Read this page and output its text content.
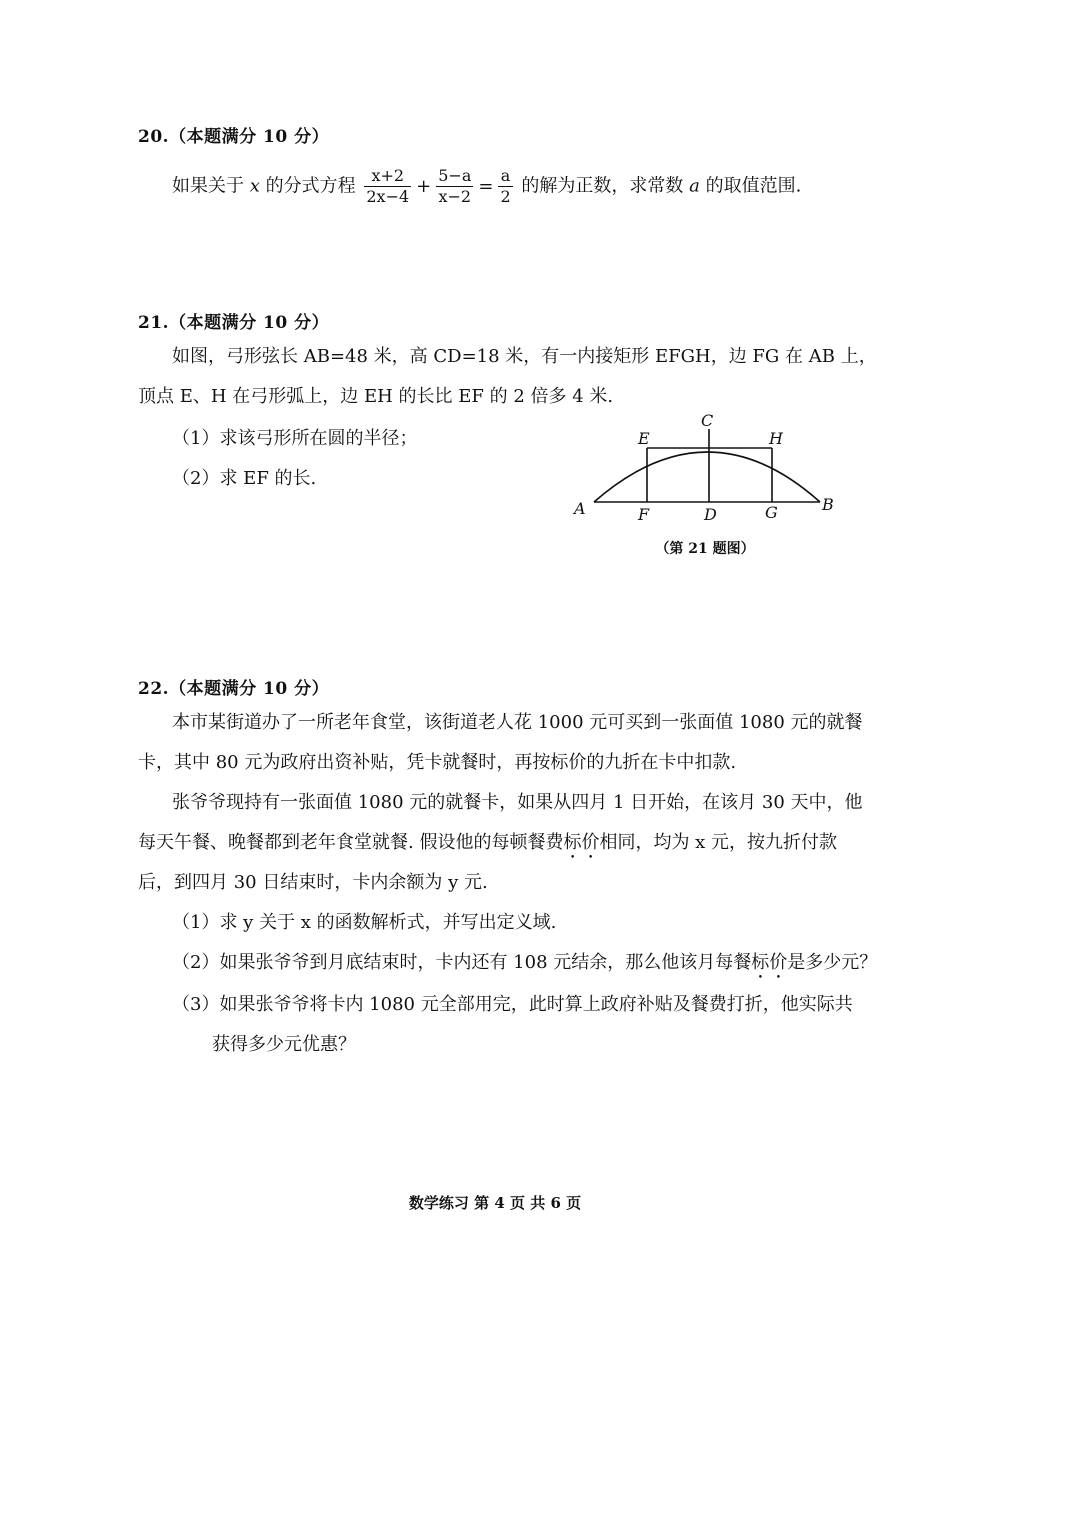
20.（本题满分 10 分）
如果关于 x 的分式方程 $\frac{x+2}{2x-4} + \frac{5-a}{x-2} = \frac{a}{2}$ 的解为正数，求常数 a 的取值范围.
21.（本题满分 10 分）
如图，弓形弦长 AB=48 米，高 CD=18 米，有一内接矩形 EFGH，边 FG 在 AB 上，
顶点 E、H 在弓形弧上，边 EH 的长比 EF 的 2 倍多 4 米.
（1）求该弓形所在圆的半径；
（2）求 EF 的长.
A	B
C
D
E
F	G
H
（第 21 题图）
22.（本题满分 10 分）
本市某街道办了一所老年食堂，该街道老人花 1000 元可买到一张面值 1080 元的就餐
卡，其中 80 元为政府出资补贴，凭卡就餐时，再按标价的九折在卡中扣款.
张爷爷现持有一张面值 1080 元的就餐卡，如果从四月 1 日开始，在该月 30 天中，他
每天午餐、晚餐都到老年食堂就餐. 假设他的每顿餐费标价相同，均为 x 元，按九折付款
后，到四月 30 日结束时，卡内余额为 y 元.
（1）求 y 关于 x 的函数解析式，并写出定义域.
（2）如果张爷爷到月底结束时，卡内还有 108 元结余，那么他该月每餐标价是多少元？
（3）如果张爷爷将卡内 1080 元全部用完，此时算上政府补贴及餐费打折，他实际共
获得多少元优惠？
数学练习 第 4 页 共 6 页
